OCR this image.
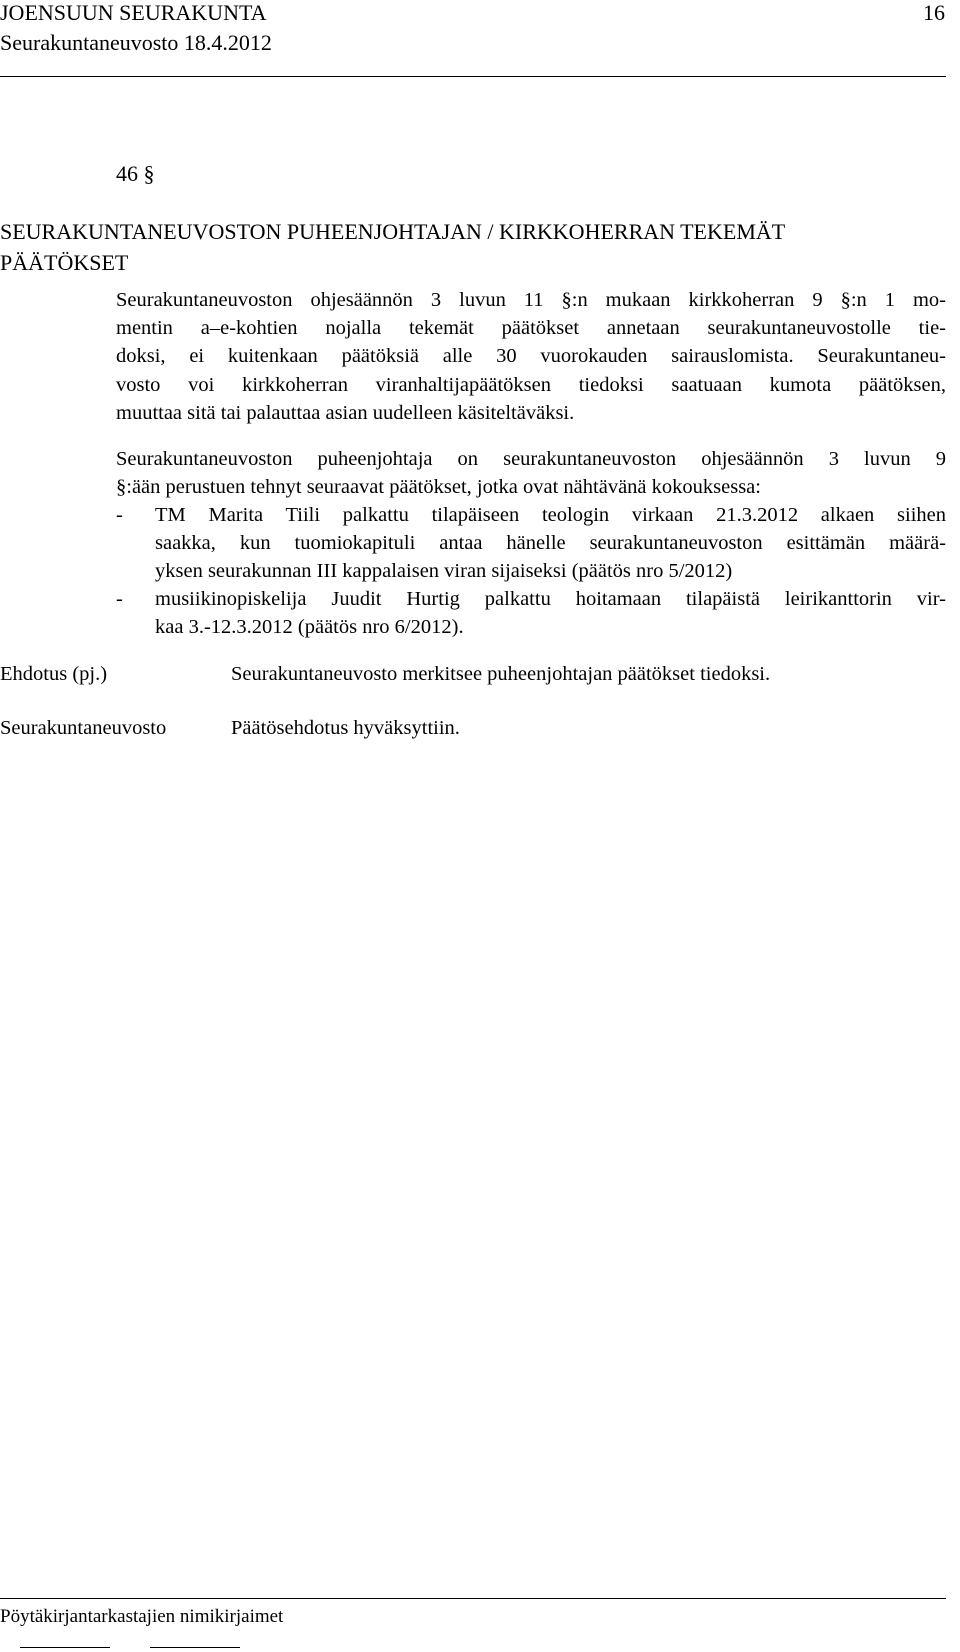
JOENSUUN SEURAKUNTA
Seurakuntaneuvosto 18.4.2012
16
46 §
SEURAKUNTANEUVOSTON PUHEENJOHTAJAN / KIRKKOHERRAN TEKEMÄT
PÄÄTÖKSET
Seurakuntaneuvoston ohjesäännön 3 luvun 11 §:n mukaan kirkkoherran 9 §:n 1 mo-
mentin a–e-kohtien nojalla tekemät päätökset annetaan seurakuntaneuvostolle tie-
doksi, ei kuitenkaan päätöksiä alle 30 vuorokauden sairauslomista. Seurakuntaneu-
vosto voi kirkkoherran viranhaltijapäätöksen tiedoksi saatuaan kumota päätöksen,
muuttaa sitä tai palauttaa asian uudelleen käsiteltäväksi.
Seurakuntaneuvoston puheenjohtaja on seurakuntaneuvoston ohjesäännön 3 luvun 9
§:ään perustuen tehnyt seuraavat päätökset, jotka ovat nähtävänä kokouksessa:
- TM Marita Tiili palkattu tilapäiseen teologin virkaan 21.3.2012 alkaen siihen
saakka, kun tuomiokapituli antaa hänelle seurakuntaneuvoston esittämän määrä-
yksen seurakunnan III kappalaisen viran sijaiseksi (päätös nro 5/2012)
- musiikinopiskelija Juudit Hurtig palkattu hoitamaan tilapäistä leirikanttorin vir-
kaa 3.-12.3.2012 (päätös nro 6/2012).
Ehdotus (pj.)	Seurakuntaneuvosto merkitsee puheenjohtajan päätökset tiedoksi.
Seurakuntaneuvosto	Päätösehdotus hyväksyttiin.
Pöytäkirjantarkastajien nimikirjaimet
